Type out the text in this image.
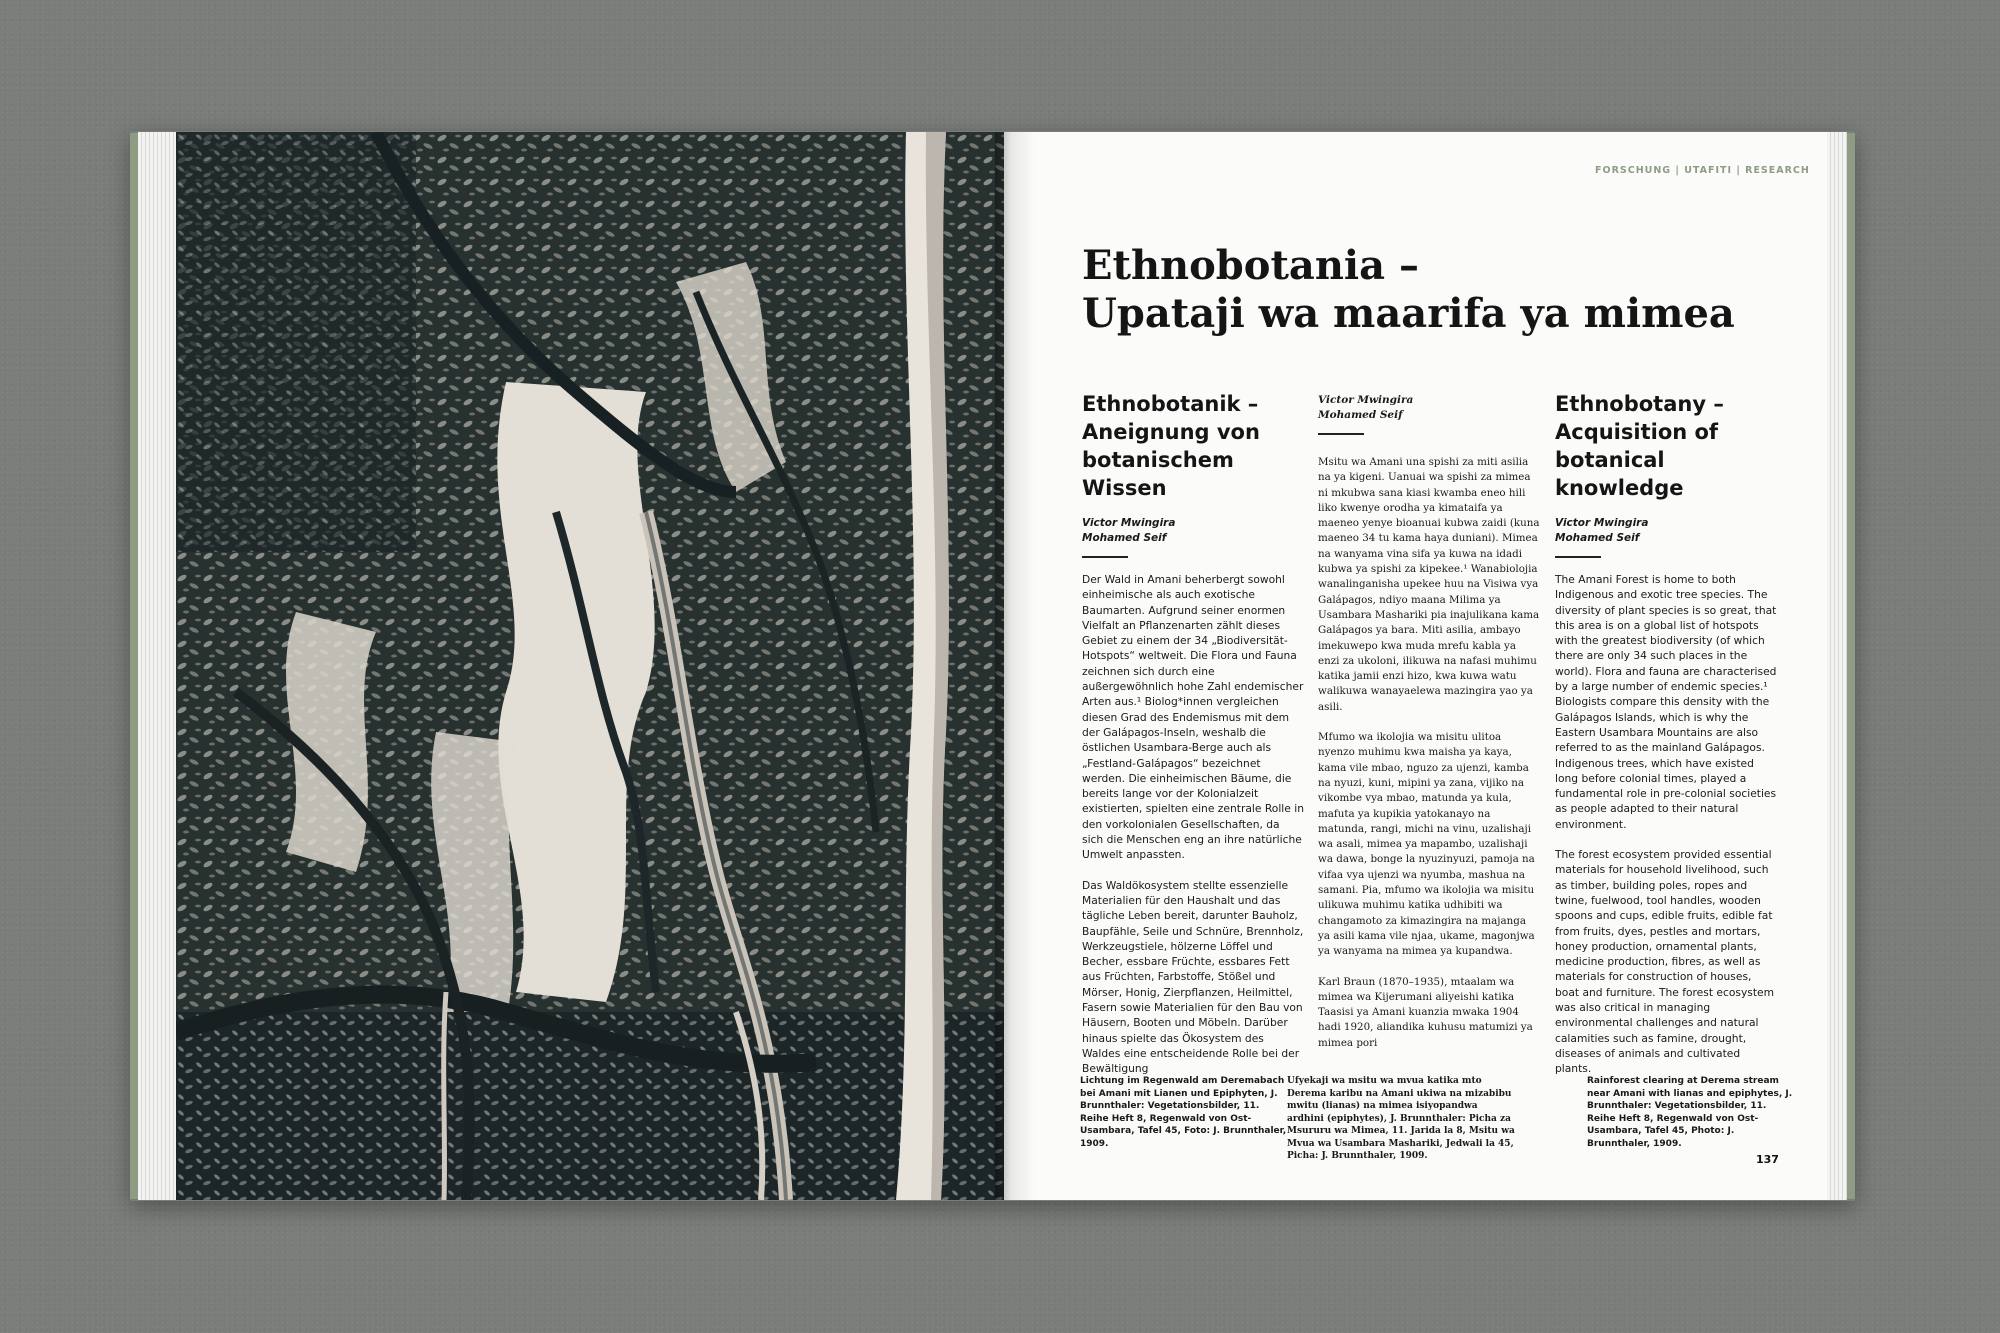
FORSCHUNG | UTAFITI | RESEARCH
Ethnobotania –
Upataji wa maarifa ya mimea
Ethnobotanik – Aneignung von botanischem Wissen
Victor Mwingira
Mohamed Seif

Der Wald in Amani beherbergt sowohl einheimische als auch exotische Baumarten. Aufgrund seiner enormen Vielfalt an Pflanzenarten zählt dieses Gebiet zu einem der 34 „Biodiversität-Hotspots“ weltweit. Die Flora und Fauna zeichnen sich durch eine außergewöhnlich hohe Zahl endemischer Arten aus.¹ Biolog*innen vergleichen diesen Grad des Endemismus mit dem der Galápagos-Inseln, weshalb die östlichen Usambara-Berge auch als „Festland-Galápagos“ bezeichnet werden. Die einheimischen Bäume, die bereits lange vor der Kolonialzeit existierten, spielten eine zentrale Rolle in den vorkolonialen Gesellschaften, da sich die Menschen eng an ihre natürliche Umwelt anpassten.

Das Waldökosystem stellte essenzielle Materialien für den Haushalt und das tägliche Leben bereit, darunter Bauholz, Baupfähle, Seile und Schnüre, Brennholz, Werkzeugstiele, hölzerne Löffel und Becher, essbare Früchte, essbares Fett aus Früchten, Farbstoffe, Stößel und Mörser, Honig, Zierpflanzen, Heilmittel, Fasern sowie Materialien für den Bau von Häusern, Booten und Möbeln. Darüber hinaus spielte das Ökosystem des Waldes eine entscheidende Rolle bei der Bewältigung

Victor Mwingira
Mohamed Seif

Msitu wa Amani una spishi za miti asilia na ya kigeni. Uanuai wa spishi za mimea ni mkubwa sana kiasi kwamba eneo hili liko kwenye orodha ya kimataifa ya maeneo yenye bioanuai kubwa zaidi (kuna maeneo 34 tu kama haya duniani). Mimea na wanyama vina sifa ya kuwa na idadi kubwa ya spishi za kipekee.¹ Wanabiolojia wanalinganisha upekee huu na Visiwa vya Galápagos, ndiyo maana Milima ya Usambara Mashariki pia inajulikana kama Galápagos ya bara. Miti asilia, ambayo imekuwepo kwa muda mrefu kabla ya enzi za ukoloni, ilikuwa na nafasi muhimu katika jamii enzi hizo, kwa kuwa watu walikuwa wanayaelewa mazingira yao ya asili.

Mfumo wa ikolojia wa misitu ulitoa nyenzo muhimu kwa maisha ya kaya, kama vile mbao, nguzo za ujenzi, kamba na nyuzi, kuni, mipini ya zana, vijiko na vikombe vya mbao, matunda ya kula, mafuta ya kupikia yatokanayo na matunda, rangi, michi na vinu, uzalishaji wa asali, mimea ya mapambo, uzalishaji wa dawa, bonge la nyuzinyuzi, pamoja na vifaa vya ujenzi wa nyumba, mashua na samani. Pia, mfumo wa ikolojia wa misitu ulikuwa muhimu katika udhibiti wa changamoto za kimazingira na majanga ya asili kama vile njaa, ukame, magonjwa ya wanyama na mimea ya kupandwa.

Karl Braun (1870–1935), mtaalam wa mimea wa Kijerumani aliyeishi katika Taasisi ya Amani kuanzia mwaka 1904 hadi 1920, aliandika kuhusu matumizi ya mimea pori

Ethnobotany – Acquisition of botanical knowledge
Victor Mwingira
Mohamed Seif

The Amani Forest is home to both Indigenous and exotic tree species. The diversity of plant species is so great, that this area is on a global list of hotspots with the greatest biodiversity (of which there are only 34 such places in the world). Flora and fauna are characterised by a large number of endemic species.¹ Biologists compare this density with the Galápagos Islands, which is why the Eastern Usambara Mountains are also referred to as the mainland Galápagos. Indigenous trees, which have existed long before colonial times, played a fundamental role in pre-colonial societies as people adapted to their natural environment.

The forest ecosystem provided essential materials for household livelihood, such as timber, building poles, ropes and twine, fuelwood, tool handles, wooden spoons and cups, edible fruits, edible fat from fruits, dyes, pestles and mortars, honey production, ornamental plants, medicine production, fibres, as well as materials for construction of houses, boat and furniture. The forest ecosystem was also critical in managing environmental challenges and natural calamities such as famine, drought, diseases of animals and cultivated plants.

Lichtung im Regenwald am Deremabach bei Amani mit Lianen und Epiphyten, J. Brunnthaler: Vegetationsbilder, 11. Reihe Heft 8, Regenwald von Ost-Usambara, Tafel 45, Foto: J. Brunnthaler, 1909.
Ufyekaji wa msitu wa mvua katika mto Derema karibu na Amani ukiwa na mizabibu mwitu (lianas) na mimea isiyopandwa ardhini (epiphytes), J. Brunnthaler: Picha za Msururu wa Mimea, 11. Jarida la 8, Msitu wa Mvua wa Usambara Mashariki, Jedwali la 45, Picha: J. Brunnthaler, 1909.
Rainforest clearing at Derema stream near Amani with lianas and epiphytes, J. Brunnthaler: Vegetationsbilder, 11. Reihe Heft 8, Regenwald von Ost-Usambara, Tafel 45, Photo: J. Brunnthaler, 1909.
137
